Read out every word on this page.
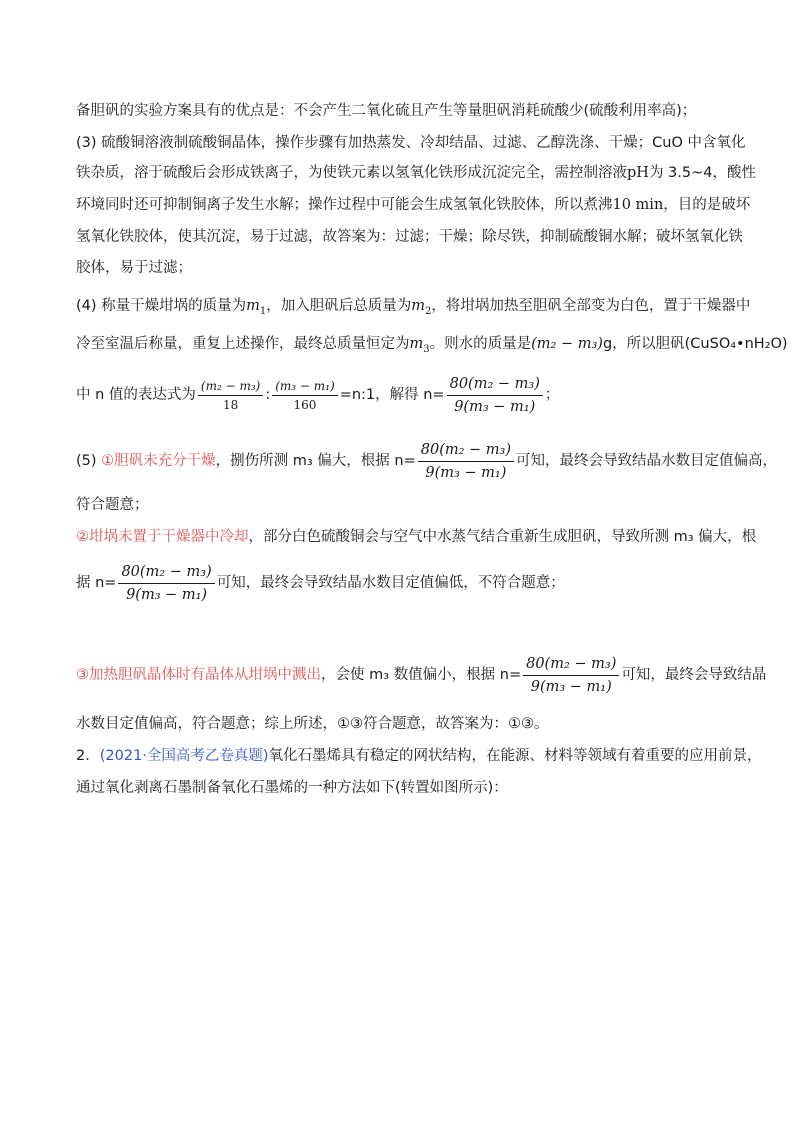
备胆矾的实验方案具有的优点是：不会产生二氧化硫且产生等量胆矾消耗硫酸少(硫酸利用率高)；
(3) 硫酸铜溶液制硫酸铜晶体，操作步骤有加热蒸发、冷却结晶、过滤、乙醇洗涤、干燥；CuO 中含氧化
铁杂质，溶于硫酸后会形成铁离子，为使铁元素以氢氧化铁形成沉淀完全，需控制溶液pH为 3.5~4，酸性
环境同时还可抑制铜离子发生水解；操作过程中可能会生成氢氧化铁胶体，所以煮沸10 min，目的是破坏
氢氧化铁胶体，使其沉淀，易于过滤，故答案为：过滤；干燥；除尽铁，抑制硫酸铜水解；破坏氢氧化铁
胶体，易于过滤；
(4) 称量干燥坩埚的质量为$m_1$，加入胆矾后总质量为$m_2$，将坩埚加热至胆矾全部变为白色，置于干燥器中
冷至室温后称量，重复上述操作，最终总质量恒定为$m_3$。则水的质量是(m₂ − m₃)g，所以胆矾(CuSO₄•nH₂O)
中 n 值的表达式为 $\frac{\text{(m₂ − m₃)}}{18}$ : $\frac{\text{(m₃ − m₁)}}{160}$ =n:1，解得 $n= \frac{\text{80(m₂ − m₃)}}{\text{9(m₃ − m₁)}}$ ；
(5) ①胆矾未充分干燥，捌伤所测 m₃ 偏大，根据 $n= \frac{\text{80(m₂ − m₃)}}{\text{9(m₃ − m₁)}}$ 可知，最终会导致结晶水数目定值偏高，
符合题意；
②坩埚未置于干燥器中冷却，部分白色硫酸铜会与空气中水蒸气结合重新生成胆矾，导致所测 m₃ 偏大，根
据 $n= \frac{\text{80(m₂ − m₃)}}{\text{9(m₃ − m₁)}}$ 可知，最终会导致结晶水数目定值偏低，不符合题意；
③加热胆矾晶体时有晶体从坩埚中溅出，会使 m₃ 数值偏小，根据 $n= \frac{\text{80(m₂ − m₃)}}{\text{9(m₃ − m₁)}}$ 可知，最终会导致结晶
水数目定值偏高，符合题意；综上所述，①③符合题意，故答案为：①③。
2．(2021·全国高考乙卷真题)氧化石墨烯具有稳定的网状结构，在能源、材料等领域有着重要的应用前景，
通过氧化剥离石墨制备氧化石墨烯的一种方法如下(转置如图所示)：
